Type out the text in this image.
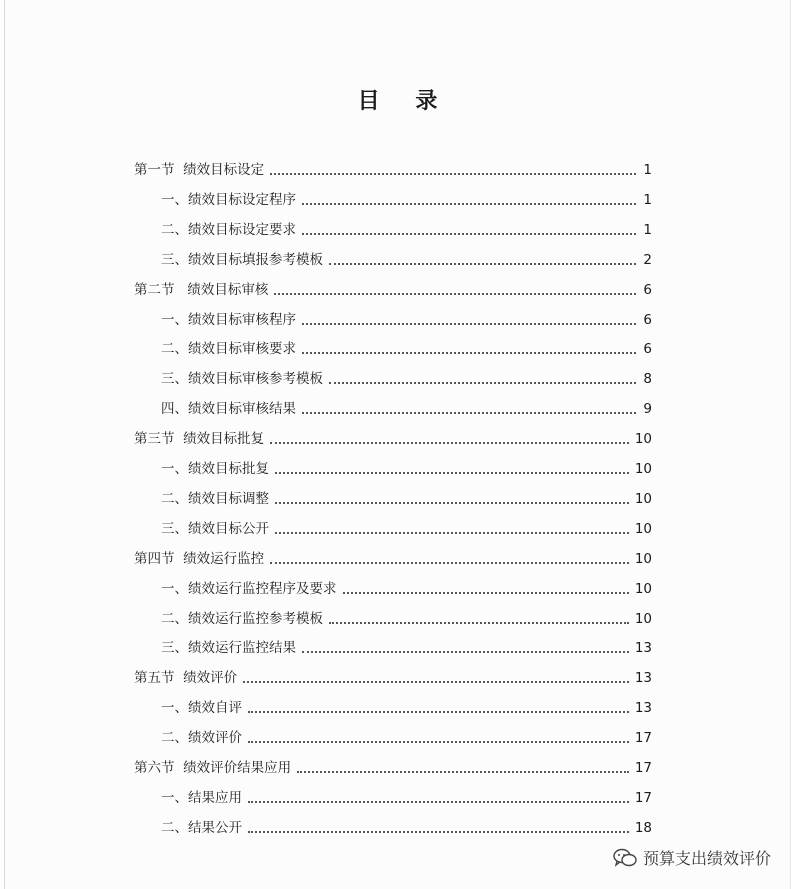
目 录
第一节  绩效目标设定	1
一、绩效目标设定程序	1
二、绩效目标设定要求	1
三、绩效目标填报参考模板	2
第二节   绩效目标审核	6
一、绩效目标审核程序	6
二、绩效目标审核要求	6
三、绩效目标审核参考模板	8
四、绩效目标审核结果	9
第三节  绩效目标批复	10
一、绩效目标批复	10
二、绩效目标调整	10
三、绩效目标公开	10
第四节  绩效运行监控	10
一、绩效运行监控程序及要求	10
二、绩效运行监控参考模板	10
三、绩效运行监控结果	13
第五节  绩效评价	13
一、绩效自评	13
二、绩效评价	17
第六节  绩效评价结果应用	17
一、结果应用	17
二、结果公开	18
预算支出绩效评价
